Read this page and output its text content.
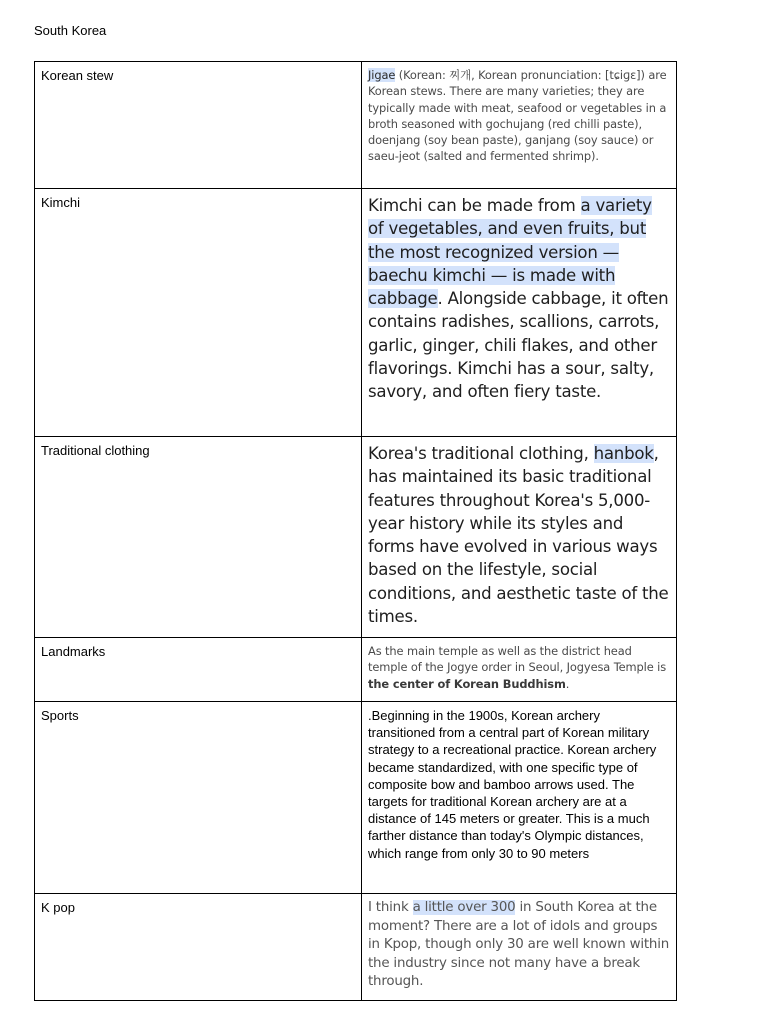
South Korea
Korean stew	Jigae (Korean: 찌개, Korean pronunciation: [tɕiɡɛ]) are Korean stews. There are many varieties; they are typically made with meat, seafood or vegetables in a broth seasoned with gochujang (red chilli paste), doenjang (soy bean paste), ganjang (soy sauce) or saeu-jeot (salted and fermented shrimp).

Kimchi	Kimchi can be made from a variety of vegetables, and even fruits, but the most recognized version — baechu kimchi — is made with cabbage. Alongside cabbage, it often contains radishes, scallions, carrots, garlic, ginger, chili flakes, and other flavorings. Kimchi has a sour, salty, savory, and often fiery taste.

Traditional clothing	Korea's traditional clothing, hanbok, has maintained its basic traditional features throughout Korea's 5,000-year history while its styles and forms have evolved in various ways based on the lifestyle, social conditions, and aesthetic taste of the times.

Landmarks	As the main temple as well as the district head temple of the Jogye order in Seoul, Jogyesa Temple is the center of Korean Buddhism.

Sports	.Beginning in the 1900s, Korean archery transitioned from a central part of Korean military strategy to a recreational practice. Korean archery became standardized, with one specific type of composite bow and bamboo arrows used. The targets for traditional Korean archery are at a distance of 145 meters or greater. This is a much farther distance than today's Olympic distances, which range from only 30 to 90 meters

K pop	I think a little over 300 in South Korea at the moment? There are a lot of idols and groups in Kpop, though only 30 are well known within the industry since not many have a break through.
